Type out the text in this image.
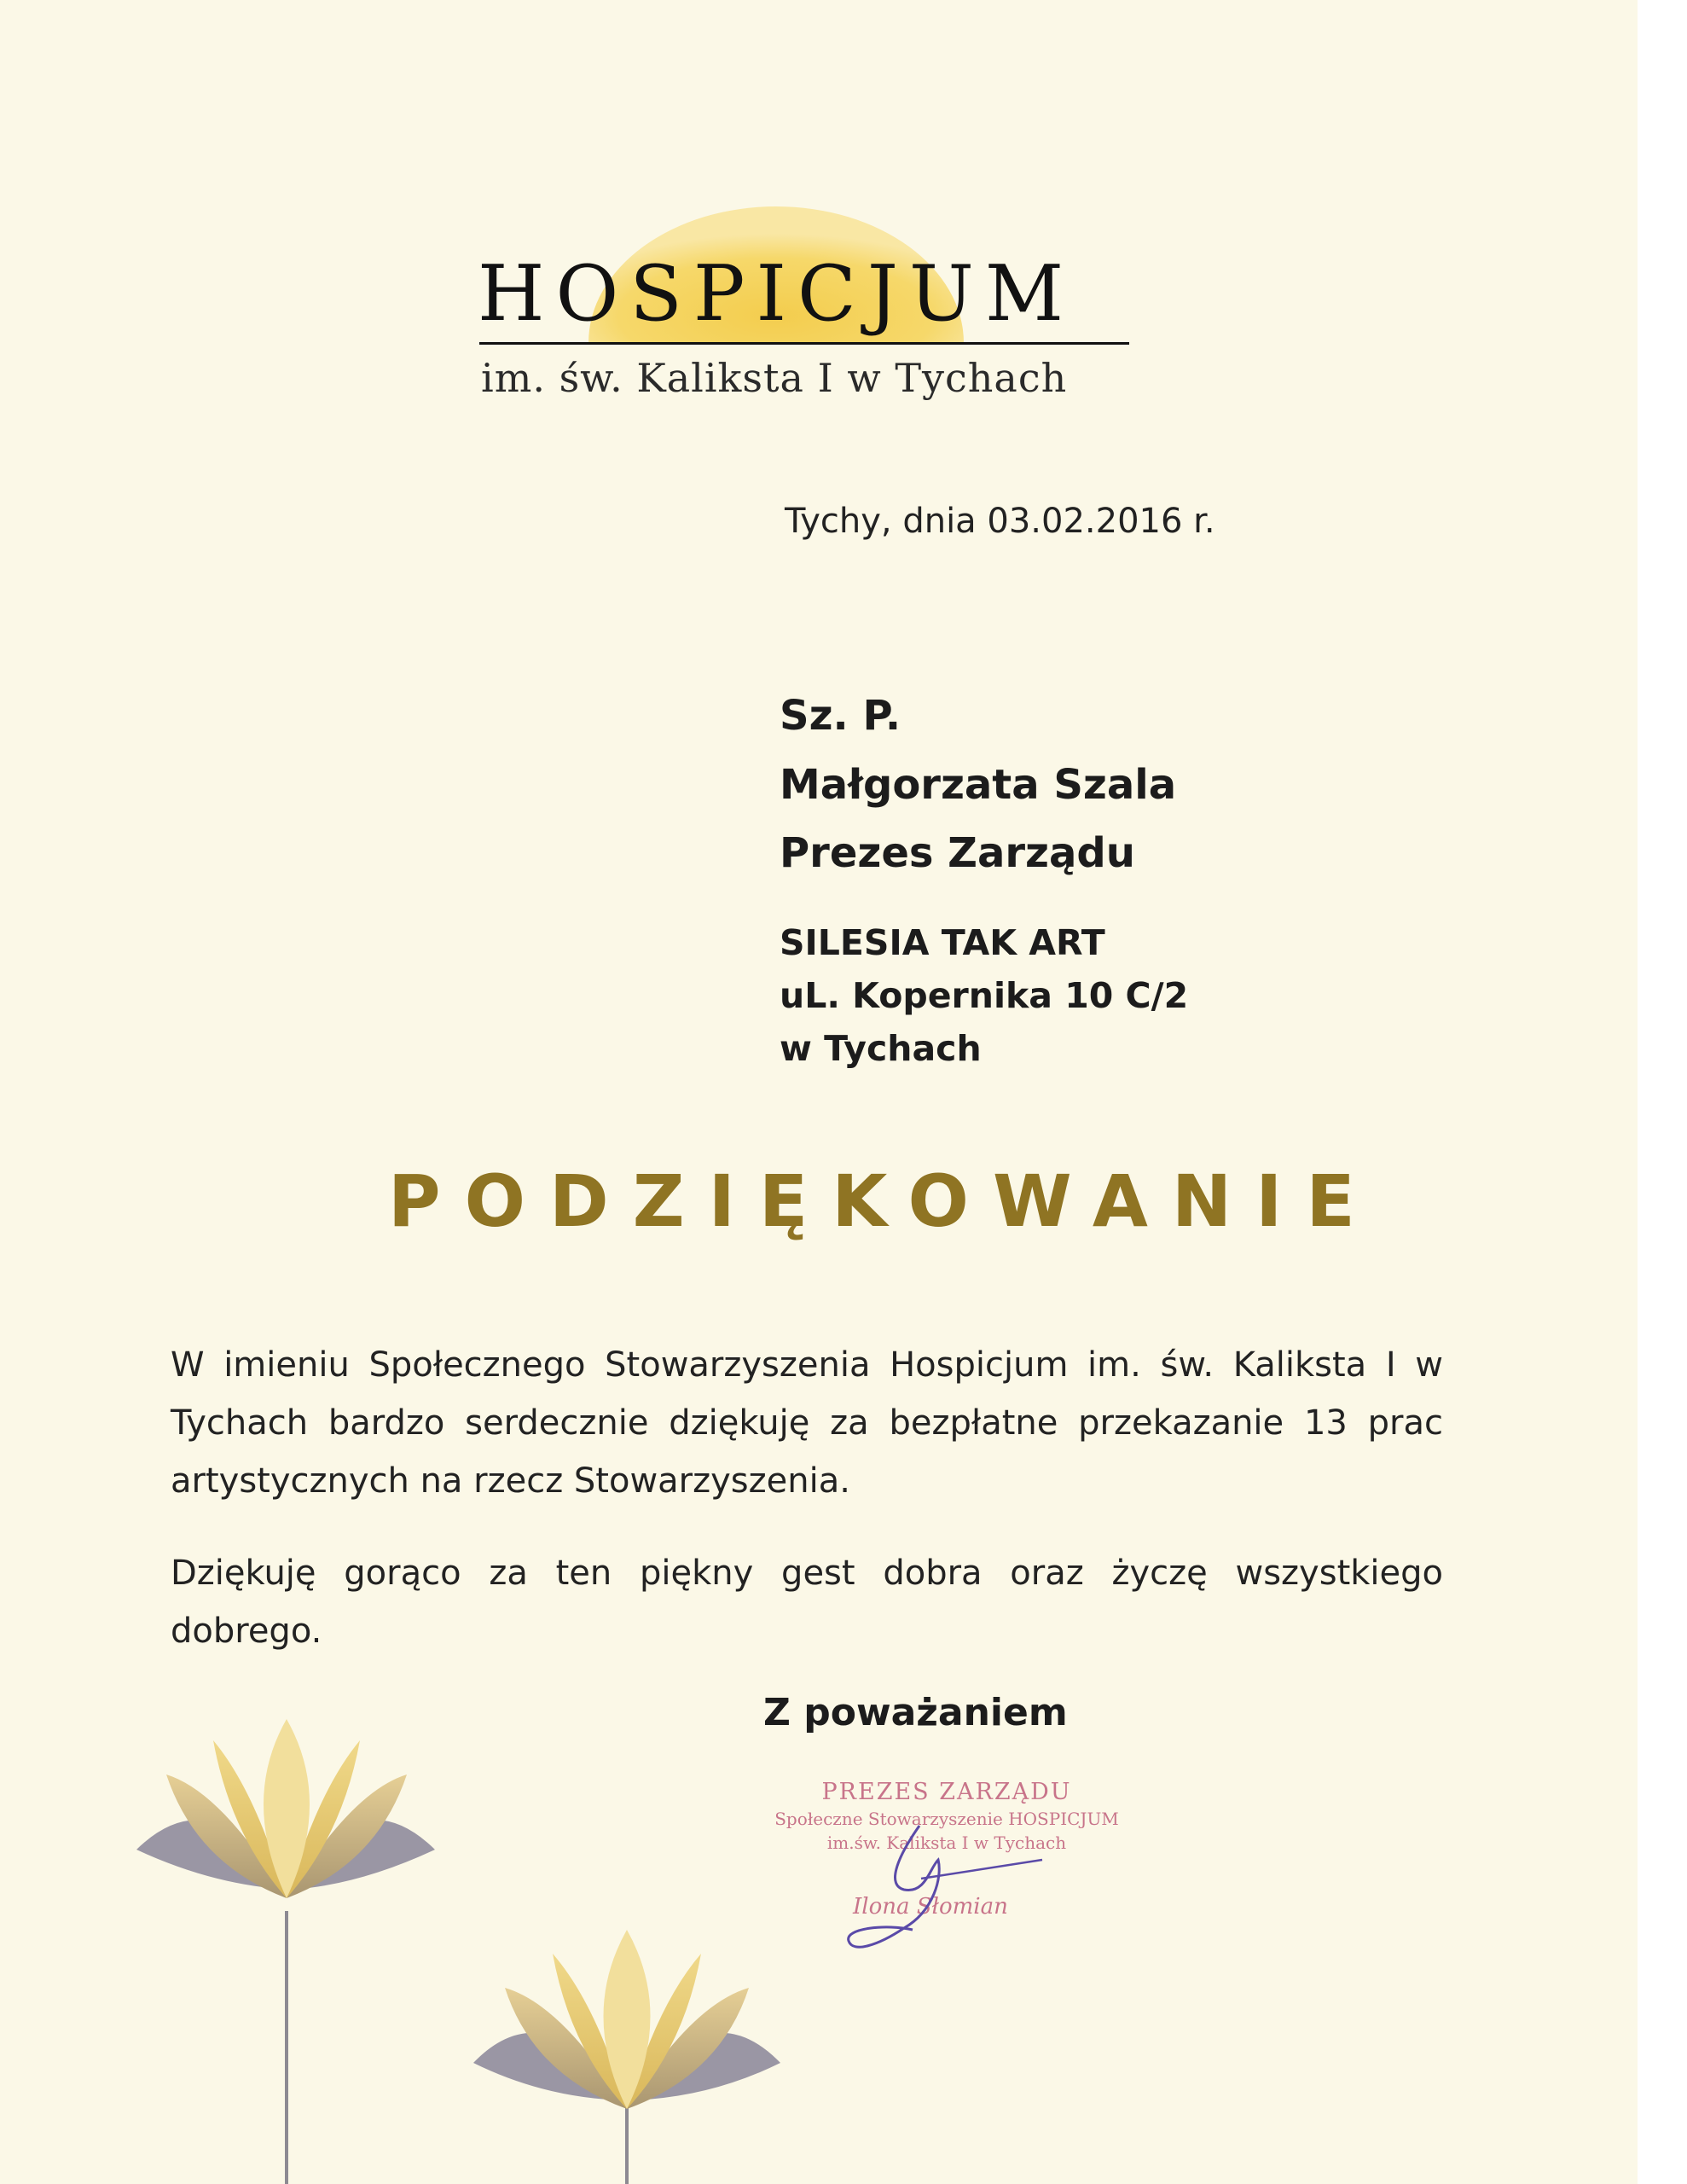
HOSPICJUM
im. św. Kaliksta I w Tychach
Tychy, dnia 03.02.2016 r.
Sz. P.
Małgorzata Szala
Prezes Zarządu
SILESIA TAK ART
uL. Kopernika 10 C/2
w Tychach
PODZIĘKOWANIE

W imieniu Społecznego Stowarzyszenia Hospicjum im. św. Kaliksta I w Tychach bardzo serdecznie dziękuję za bezpłatne przekazanie 13 prac artystycznych na rzecz Stowarzyszenia.

Dziękuję gorąco za ten piękny gest dobra oraz życzę wszystkiego dobrego.

Z poważaniem
PREZES ZARZĄDU
Społeczne Stowarzyszenie HOSPICJUM
im.św. Kaliksta I w Tychach
Ilona Słomian
